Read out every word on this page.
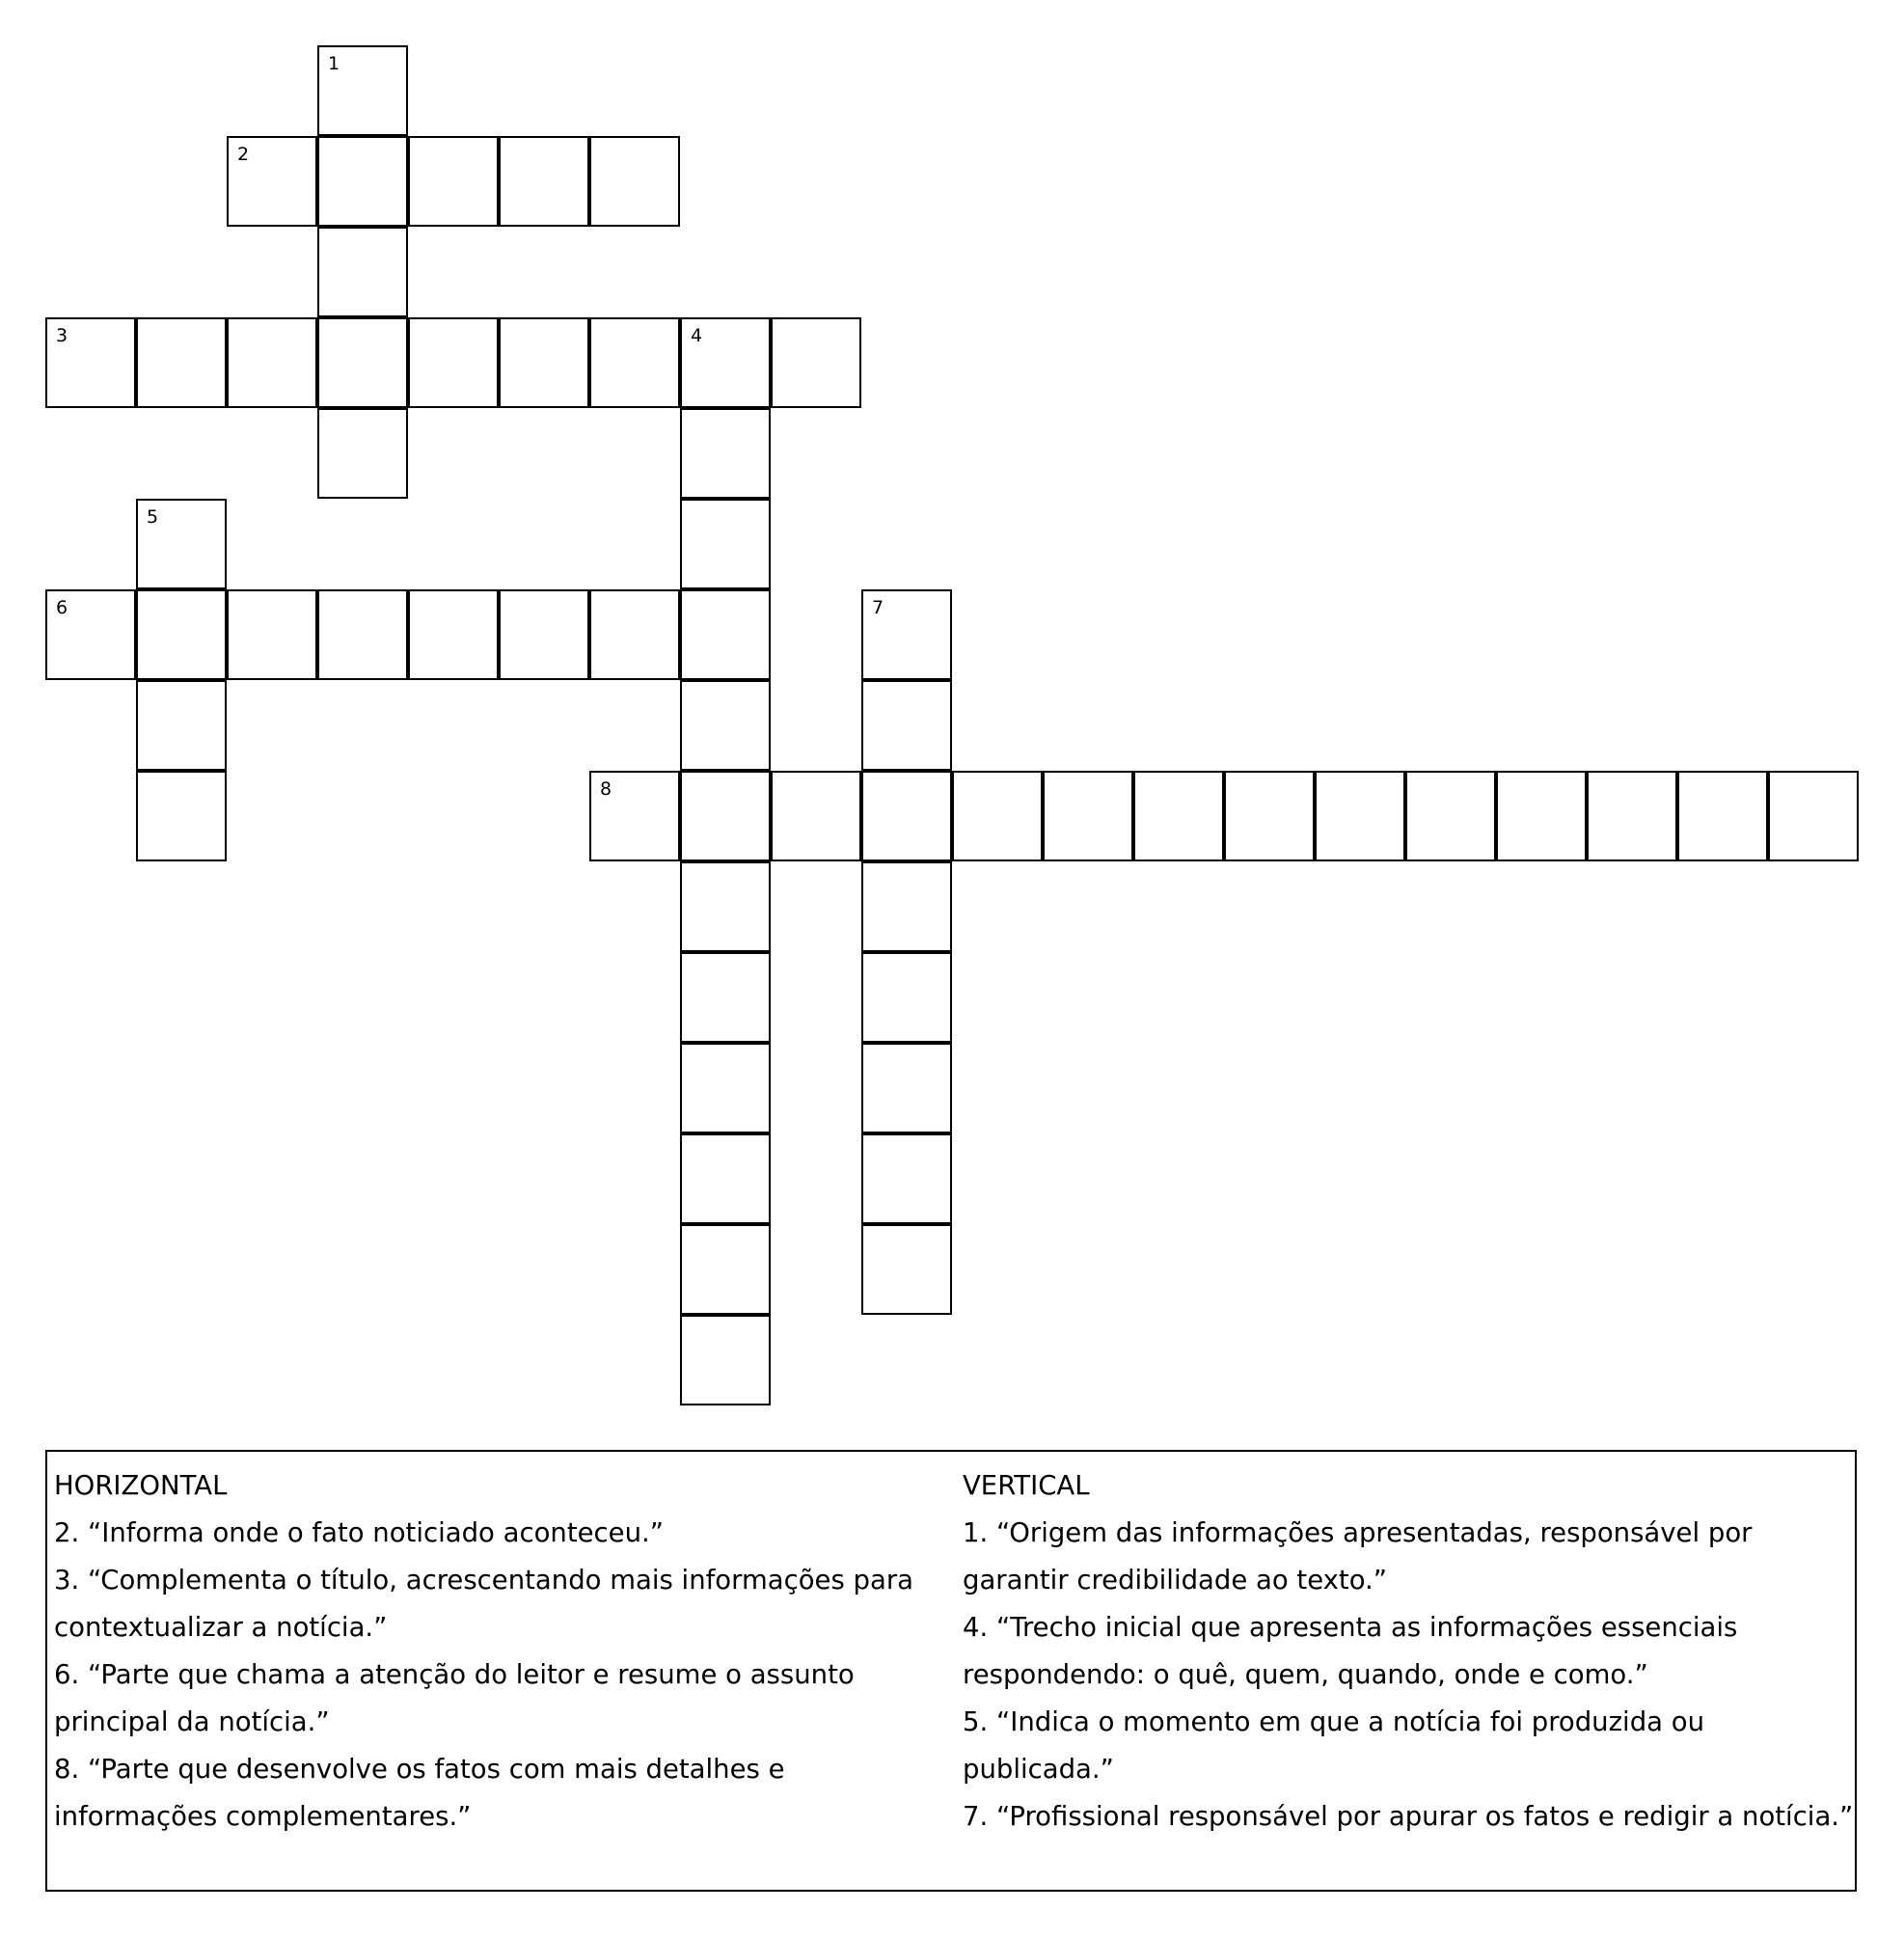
1
2
3	4
5
6	7
8

HORIZONTAL

2. “Informa onde o fato noticiado aconteceu.”

3. “Complementa o título, acrescentando mais informações para contextualizar a notícia.”

6. “Parte que chama a atenção do leitor e resume o assunto principal da notícia.”

8. “Parte que desenvolve os fatos com mais detalhes e informações complementares.”

VERTICAL

1. “Origem das informações apresentadas, responsável por garantir credibilidade ao texto.”

4. “Trecho inicial que apresenta as informações essenciais respondendo: o quê, quem, quando, onde e como.”

5. “Indica o momento em que a notícia foi produzida ou publicada.”

7. “Profissional responsável por apurar os fatos e redigir a notícia.”
